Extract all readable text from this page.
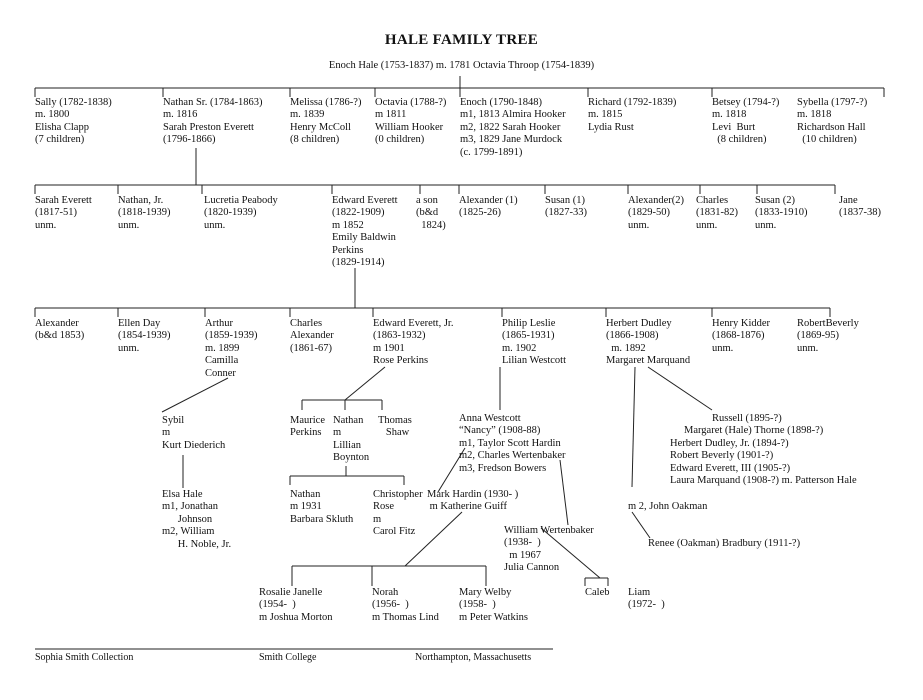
HALE FAMILY TREE
Enoch Hale (1753-1837) m. 1781 Octavia Throop (1754-1839)
Sally (1782-1838)
m. 1800
Elisha Clapp
(7 children)
Nathan Sr. (1784-1863)
m. 1816
Sarah Preston Everett
(1796-1866)
Melissa (1786-?)
m. 1839
Henry McColl
(8 children)
Octavia (1788-?)
m 1811
William Hooker
(0 children)
Enoch (1790-1848)
m1, 1813 Almira Hooker
m2, 1822 Sarah Hooker
m3, 1829 Jane Murdock
(c. 1799-1891)
Richard (1792-1839)
m. 1815
Lydia Rust
Betsey (1794-?)
m. 1818
Levi  Burt
(8 children)
Sybella (1797-?)
m. 1818
Richardson Hall
(10 children)
Sarah Everett
(1817-51)
unm.
Nathan, Jr.
(1818-1939)
unm.
Lucretia Peabody
(1820-1939)
unm.
Edward Everett
(1822-1909)
m 1852
Emily Baldwin
Perkins
(1829-1914)
a son
(b&d
1824)
Alexander (1)
(1825-26)
Susan (1)
(1827-33)
Alexander(2)
(1829-50)
unm.
Charles
(1831-82)
unm.
Susan (2)
(1833-1910)
unm.
Jane
(1837-38)
Alexander
(b&d 1853)
Ellen Day
(1854-1939)
unm.
Arthur
(1859-1939)
m. 1899
Camilla
Conner
Charles
Alexander
(1861-67)
Edward Everett, Jr.
(1863-1932)
m 1901
Rose Perkins
Philip Leslie
(1865-1931)
m. 1902
Lilian Westcott
Herbert Dudley
(1866-1908)
m. 1892
Margaret Marquand
Henry Kidder
(1868-1876)
unm.
RobertBeverly
(1869-95)
unm.
Sybil
m
Kurt Diederich
Maurice
Perkins
Nathan
m
Lillian
Boynton
Thomas
Shaw
Anna Westcott
“Nancy” (1908-88)
m1, Taylor Scott Hardin
m2, Charles Wertenbaker
m3, Fredson Bowers
Russell (1895-?)
Margaret (Hale) Thorne (1898-?)
Herbert Dudley, Jr. (1894-?)
Robert Beverly (1901-?)
Edward Everett, III (1905-?)
Laura Marquand (1908-?) m. Patterson Hale
Elsa Hale
m1, Jonathan
Johnson
m2, William
H. Noble, Jr.
Nathan
m 1931
Barbara Skluth
Christopher
Rose
m
Carol Fitz
Mark Hardin (1930- )
m Katherine Guiff
William Wertenbaker
(1938-  )
m 1967
Julia Cannon
m 2, John Oakman
Renee (Oakman) Bradbury (1911-?)
Rosalie Janelle
(1954-  )
m Joshua Morton
Norah
(1956-  )
m Thomas Lind
Mary Welby
(1958-  )
m Peter Watkins
Caleb Liam
(1972-  )
Sophia Smith Collection	Smith College	Northampton, Massachusetts
